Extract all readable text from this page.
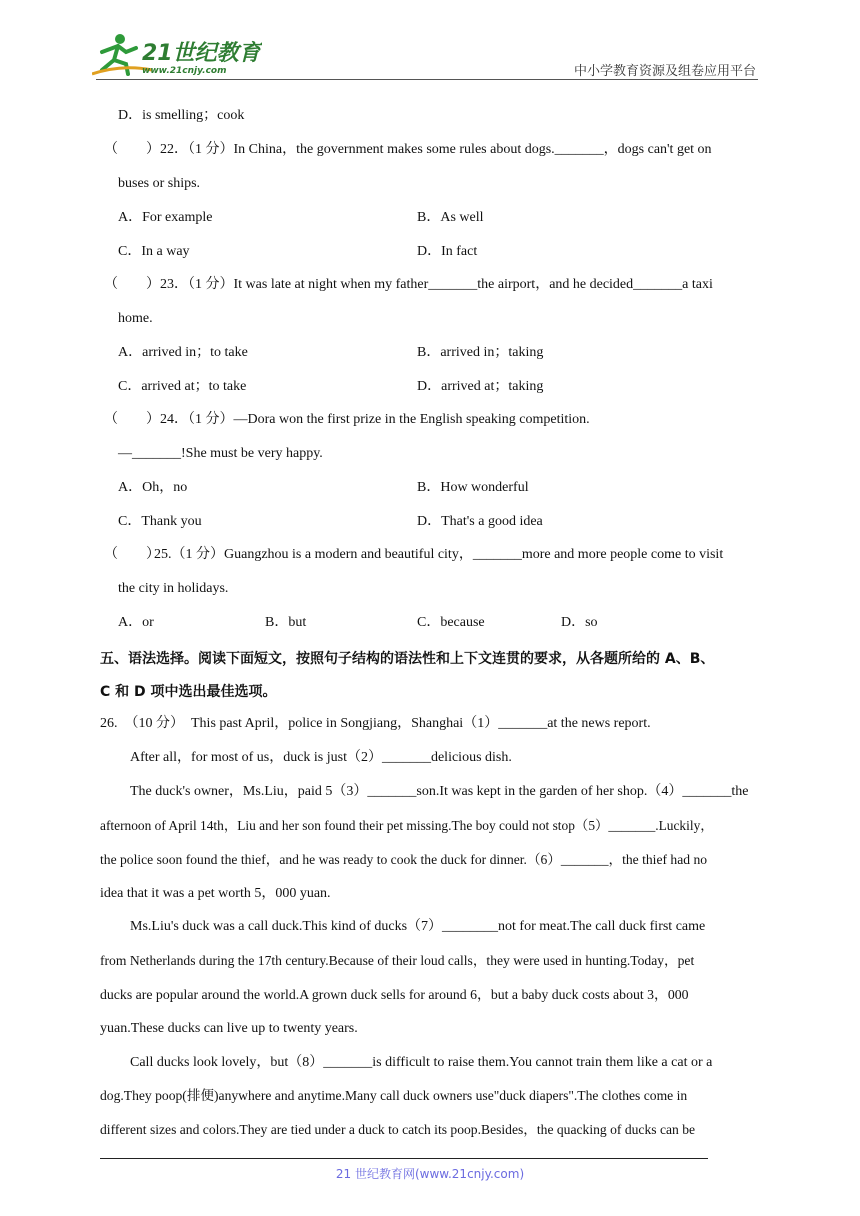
21世纪教育
www.21cnjy.com	中小学教育资源及组卷应用平台
D．is smelling；cook
（　　） 22．（1 分）In China，the government makes some rules about dogs._______，dogs can't get on
buses or ships.
A．For example	B．As well
C．In a way	D．In fact
（　　） 23．（1 分）It was late at night when my father_______the airport，and he decided_______a taxi
home.
A．arrived in；to take	B．arrived in；taking
C．arrived at；to take	D．arrived at；taking
（　　） 24．（1 分）—Dora won the first prize in the English speaking competition.
—_______!She must be very happy.
A．Oh，no	B．How wonderful
C．Thank you	D．That's a good idea
（　　）
25.（1 分）Guangzhou is a modern and beautiful city，_______more and more people come to visit
the city in holidays.
A．or	B．but	C．because	D．so
五、语法选择。阅读下面短文，按照句子结构的语法性和上下文连贯的要求，从各题所给的 A、B、
C 和 D 项中选出最佳选项。
26.　（10 分）　This past April，police in Songjiang，Shanghai（1）_______at the news report.
After all，for most of us，duck is just（2）_______delicious dish.
The duck's owner，Ms.Liu，paid 5（3）_______son.It was kept in the garden of her shop.（4）_______the
afternoon of April 14th，Liu and her son found their pet missing.The boy could not stop（5）_______.Luckily，
the police soon found the thief，and he was ready to cook the duck for dinner.（6）_______，the thief had no
idea that it was a pet worth 5，000 yuan.
Ms.Liu's duck was a call duck.This kind of ducks（7）________not for meat.The call duck first came
from Netherlands during the 17th century.Because of their loud calls，they were used in hunting.Today，pet
ducks are popular around the world.A grown duck sells for around 6，but a baby duck costs about 3，000
yuan.These ducks can live up to twenty years.
Call ducks look lovely，but（8）_______is difficult to raise them.You cannot train them like a cat or a
dog.They poop(排便)anywhere and anytime.Many call duck owners use"duck diapers".The clothes come in
different sizes and colors.They are tied under a duck to catch its poop.Besides，the quacking of ducks can be
21 世纪教育网(www.21cnjy.com)
